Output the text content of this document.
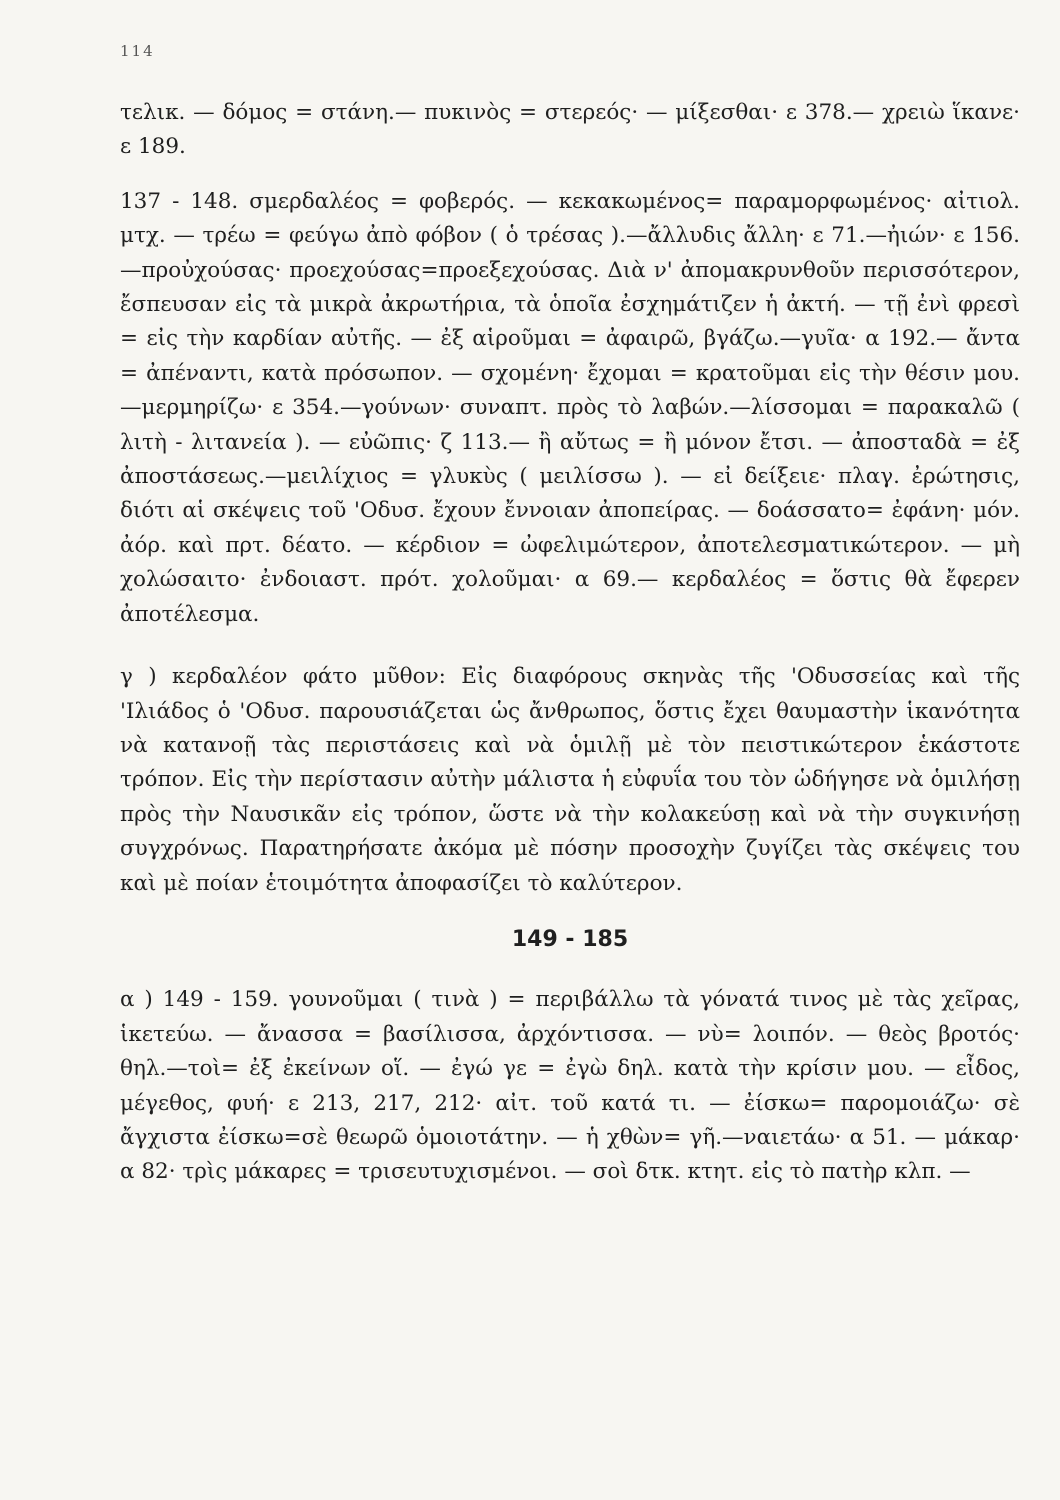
114

τελικ. — δόμος = στάνη.— πυκινὸς = στερεός· — μίξεσθαι· ε 378.— χρειὼ ἵκανε· ε 189.

137 - 148. σμερδαλέος = φοβερός. — κεκακωμένος= παραμορφωμένος· αἰτιολ. μτχ. — τρέω = φεύγω ἀπὸ φόβον ( ὁ τρέσας ).—ἄλλυδις ἄλλη· ε 71.—ἠιών· ε 156.—προὐχούσας· προεχούσας=προεξεχούσας. Διὰ ν' ἀπομακρυνθοῦν περισσότερον, ἔσπευσαν εἰς τὰ μικρὰ ἀκρωτήρια, τὰ ὁποῖα ἐσχημάτιζεν ἡ ἀκτή. — τῇ ἐνὶ φρεσὶ = εἰς τὴν καρδίαν αὐτῆς. — ἐξ αἱροῦμαι = ἀφαιρῶ, βγάζω.—γυῖα· α 192.— ἄντα = ἀπέναντι, κατὰ πρόσωπον. — σχομένη· ἔχομαι = κρατοῦμαι εἰς τὴν θέσιν μου.—μερμηρίζω· ε 354.—γούνων· συναπτ. πρὸς τὸ λαβών.—λίσσομαι = παρακαλῶ ( λιτὴ - λιτανεία ). — εὐῶπις· ζ 113.— ἢ αὔτως = ἢ μόνον ἔτσι. — ἀποσταδὰ = ἐξ ἀποστάσεως.—μειλίχιος = γλυκὺς ( μειλίσσω ). — εἰ δείξειε· πλαγ. ἐρώτησις, διότι αἱ σκέψεις τοῦ 'Οδυσ. ἔχουν ἔννοιαν ἀποπείρας. — δοάσσατο= ἐφάνη· μόν. ἀόρ. καὶ πρτ. δέατο. — κέρδιον = ὠφελιμώτερον, ἀποτελεσματικώτερον. — μὴ χολώσαιτο· ἐνδοιαστ. πρότ. χολοῦμαι· α 69.— κερδαλέος = ὅστις θὰ ἔφερεν ἀποτέλεσμα.

γ ) κερδαλέον φάτο μῦθον: Εἰς διαφόρους σκηνὰς τῆς 'Οδυσσείας καὶ τῆς 'Ιλιάδος ὁ 'Οδυσ. παρουσιάζεται ὡς ἄνθρωπος, ὅστις ἔχει θαυμαστὴν ἱκανότητα νὰ κατανοῇ τὰς περιστάσεις καὶ νὰ ὁμιλῇ μὲ τὸν πειστικώτερον ἑκάστοτε τρόπον. Εἰς τὴν περίστασιν αὐτὴν μάλιστα ἡ εὐφυΐα του τὸν ὡδήγησε νὰ ὁμιλήσῃ πρὸς τὴν Ναυσικᾶν εἰς τρόπον, ὥστε νὰ τὴν κολακεύσῃ καὶ νὰ τὴν συγκινήσῃ συγχρόνως. Παρατηρήσατε ἀκόμα μὲ πόσην προσοχὴν ζυγίζει τὰς σκέψεις του καὶ μὲ ποίαν ἑτοιμότητα ἀποφασίζει τὸ καλύτερον.

149 - 185

α ) 149 - 159. γουνοῦμαι ( τινὰ ) = περιβάλλω τὰ γόνατά τινος μὲ τὰς χεῖρας, ἱκετεύω. — ἄνασσα = βασίλισσα, ἀρχόντισσα. — νὺ= λοιπόν. — θεὸς βροτός· θηλ.—τοὶ= ἐξ ἐκείνων οἵ. — ἐγώ γε = ἐγὼ δηλ. κατὰ τὴν κρίσιν μου. — εἶδος, μέγεθος, φυή· ε 213, 217, 212· αἰτ. τοῦ κατά τι. — ἐίσκω= παρομοιάζω· σὲ ἄγχιστα ἐίσκω=σὲ θεωρῶ ὁμοιοτάτην. — ἡ χθὼν= γῆ.—ναιετάω· α 51. — μάκαρ· α 82· τρὶς μάκαρες = τρισευτυχισμένοι. — σοὶ δτκ. κτητ. εἰς τὸ πατὴρ κλπ. —
